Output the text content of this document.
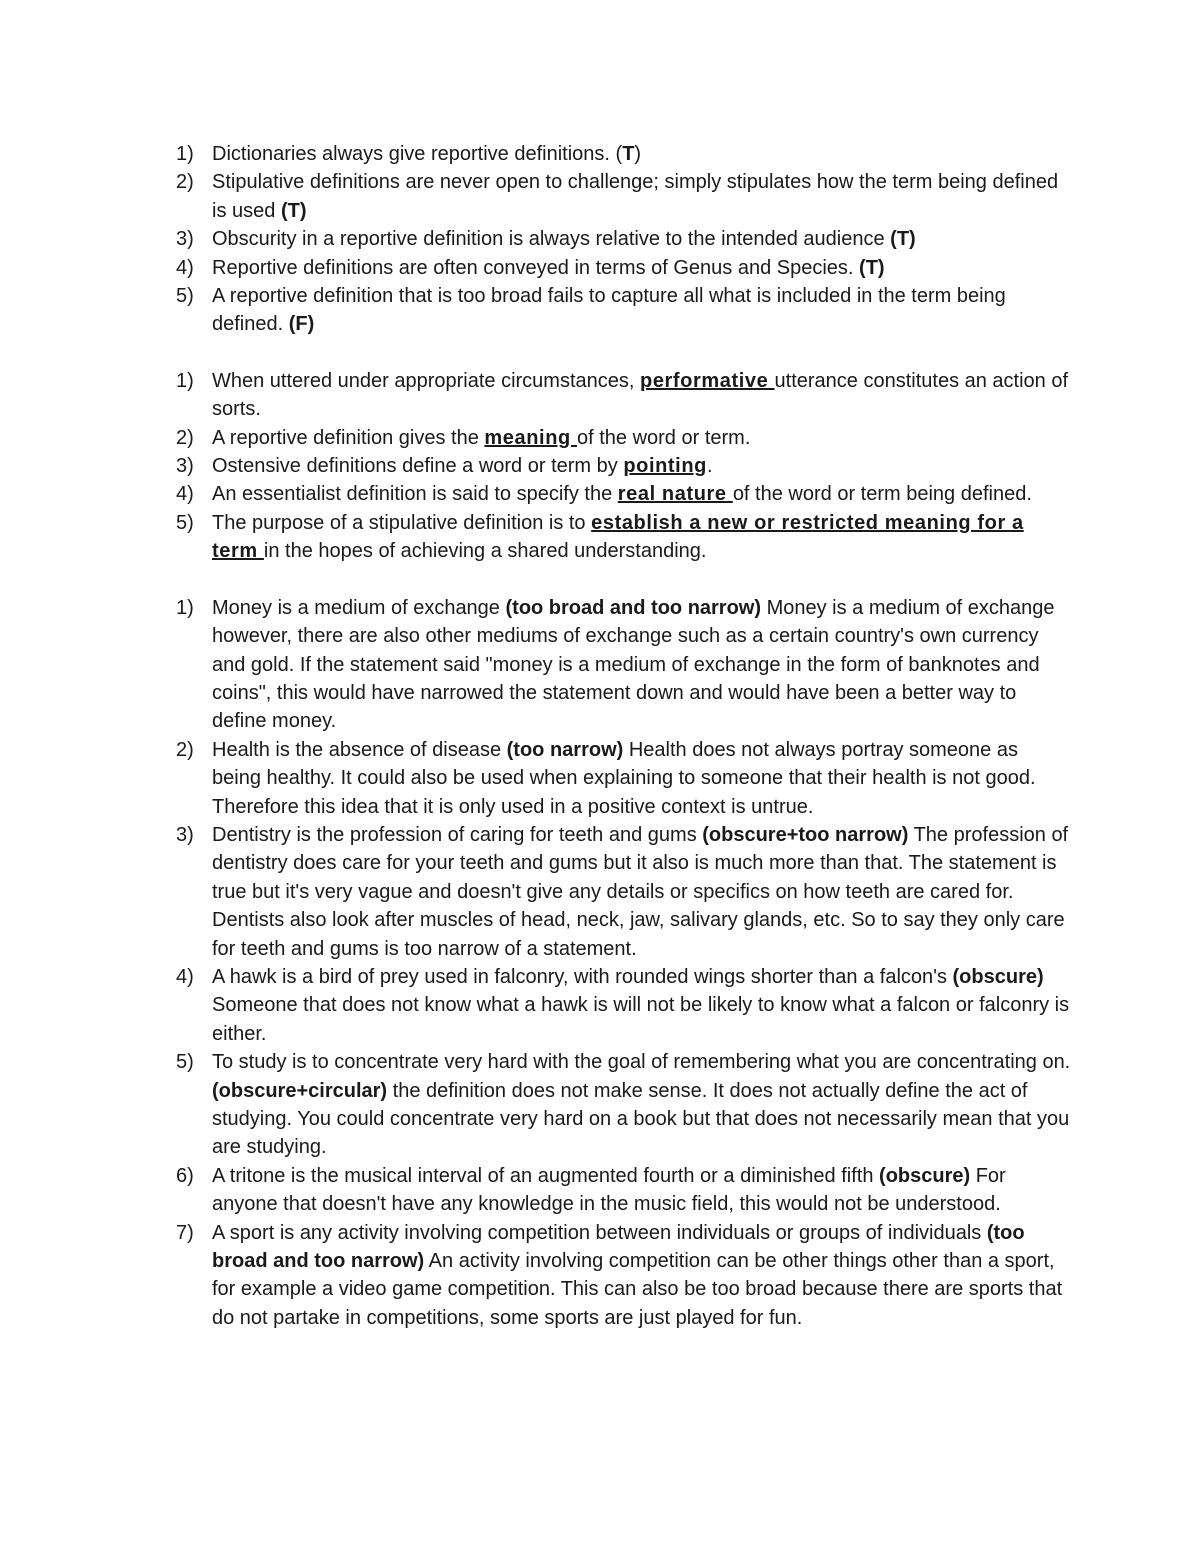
1) Dictionaries always give reportive definitions. (T)
2) Stipulative definitions are never open to challenge; simply stipulates how the term being defined is used (T)
3) Obscurity in a reportive definition is always relative to the intended audience (T)
4) Reportive definitions are often conveyed in terms of Genus and Species. (T)
5) A reportive definition that is too broad fails to capture all what is included in the term being defined. (F)
1) When uttered under appropriate circumstances, performative utterance constitutes an action of sorts.
2) A reportive definition gives the meaning of the word or term.
3) Ostensive definitions define a word or term by pointing.
4) An essentialist definition is said to specify the real nature of the word or term being defined.
5) The purpose of a stipulative definition is to establish a new or restricted meaning for a term in the hopes of achieving a shared understanding.
1) Money is a medium of exchange (too broad and too narrow) Money is a medium of exchange however, there are also other mediums of exchange such as a certain country's own currency and gold. If the statement said "money is a medium of exchange in the form of banknotes and coins", this would have narrowed the statement down and would have been a better way to define money.
2) Health is the absence of disease (too narrow) Health does not always portray someone as being healthy. It could also be used when explaining to someone that their health is not good. Therefore this idea that it is only used in a positive context is untrue.
3) Dentistry is the profession of caring for teeth and gums (obscure+too narrow) The profession of dentistry does care for your teeth and gums but it also is much more than that. The statement is true but it's very vague and doesn't give any details or specifics on how teeth are cared for. Dentists also look after muscles of head, neck, jaw, salivary glands, etc. So to say they only care for teeth and gums is too narrow of a statement.
4) A hawk is a bird of prey used in falconry, with rounded wings shorter than a falcon's (obscure) Someone that does not know what a hawk is will not be likely to know what a falcon or falconry is either.
5) To study is to concentrate very hard with the goal of remembering what you are concentrating on. (obscure+circular) the definition does not make sense. It does not actually define the act of studying. You could concentrate very hard on a book but that does not necessarily mean that you are studying.
6) A tritone is the musical interval of an augmented fourth or a diminished fifth (obscure) For anyone that doesn't have any knowledge in the music field, this would not be understood.
7) A sport is any activity involving competition between individuals or groups of individuals (too broad and too narrow) An activity involving competition can be other things other than a sport, for example a video game competition. This can also be too broad because there are sports that do not partake in competitions, some sports are just played for fun.
